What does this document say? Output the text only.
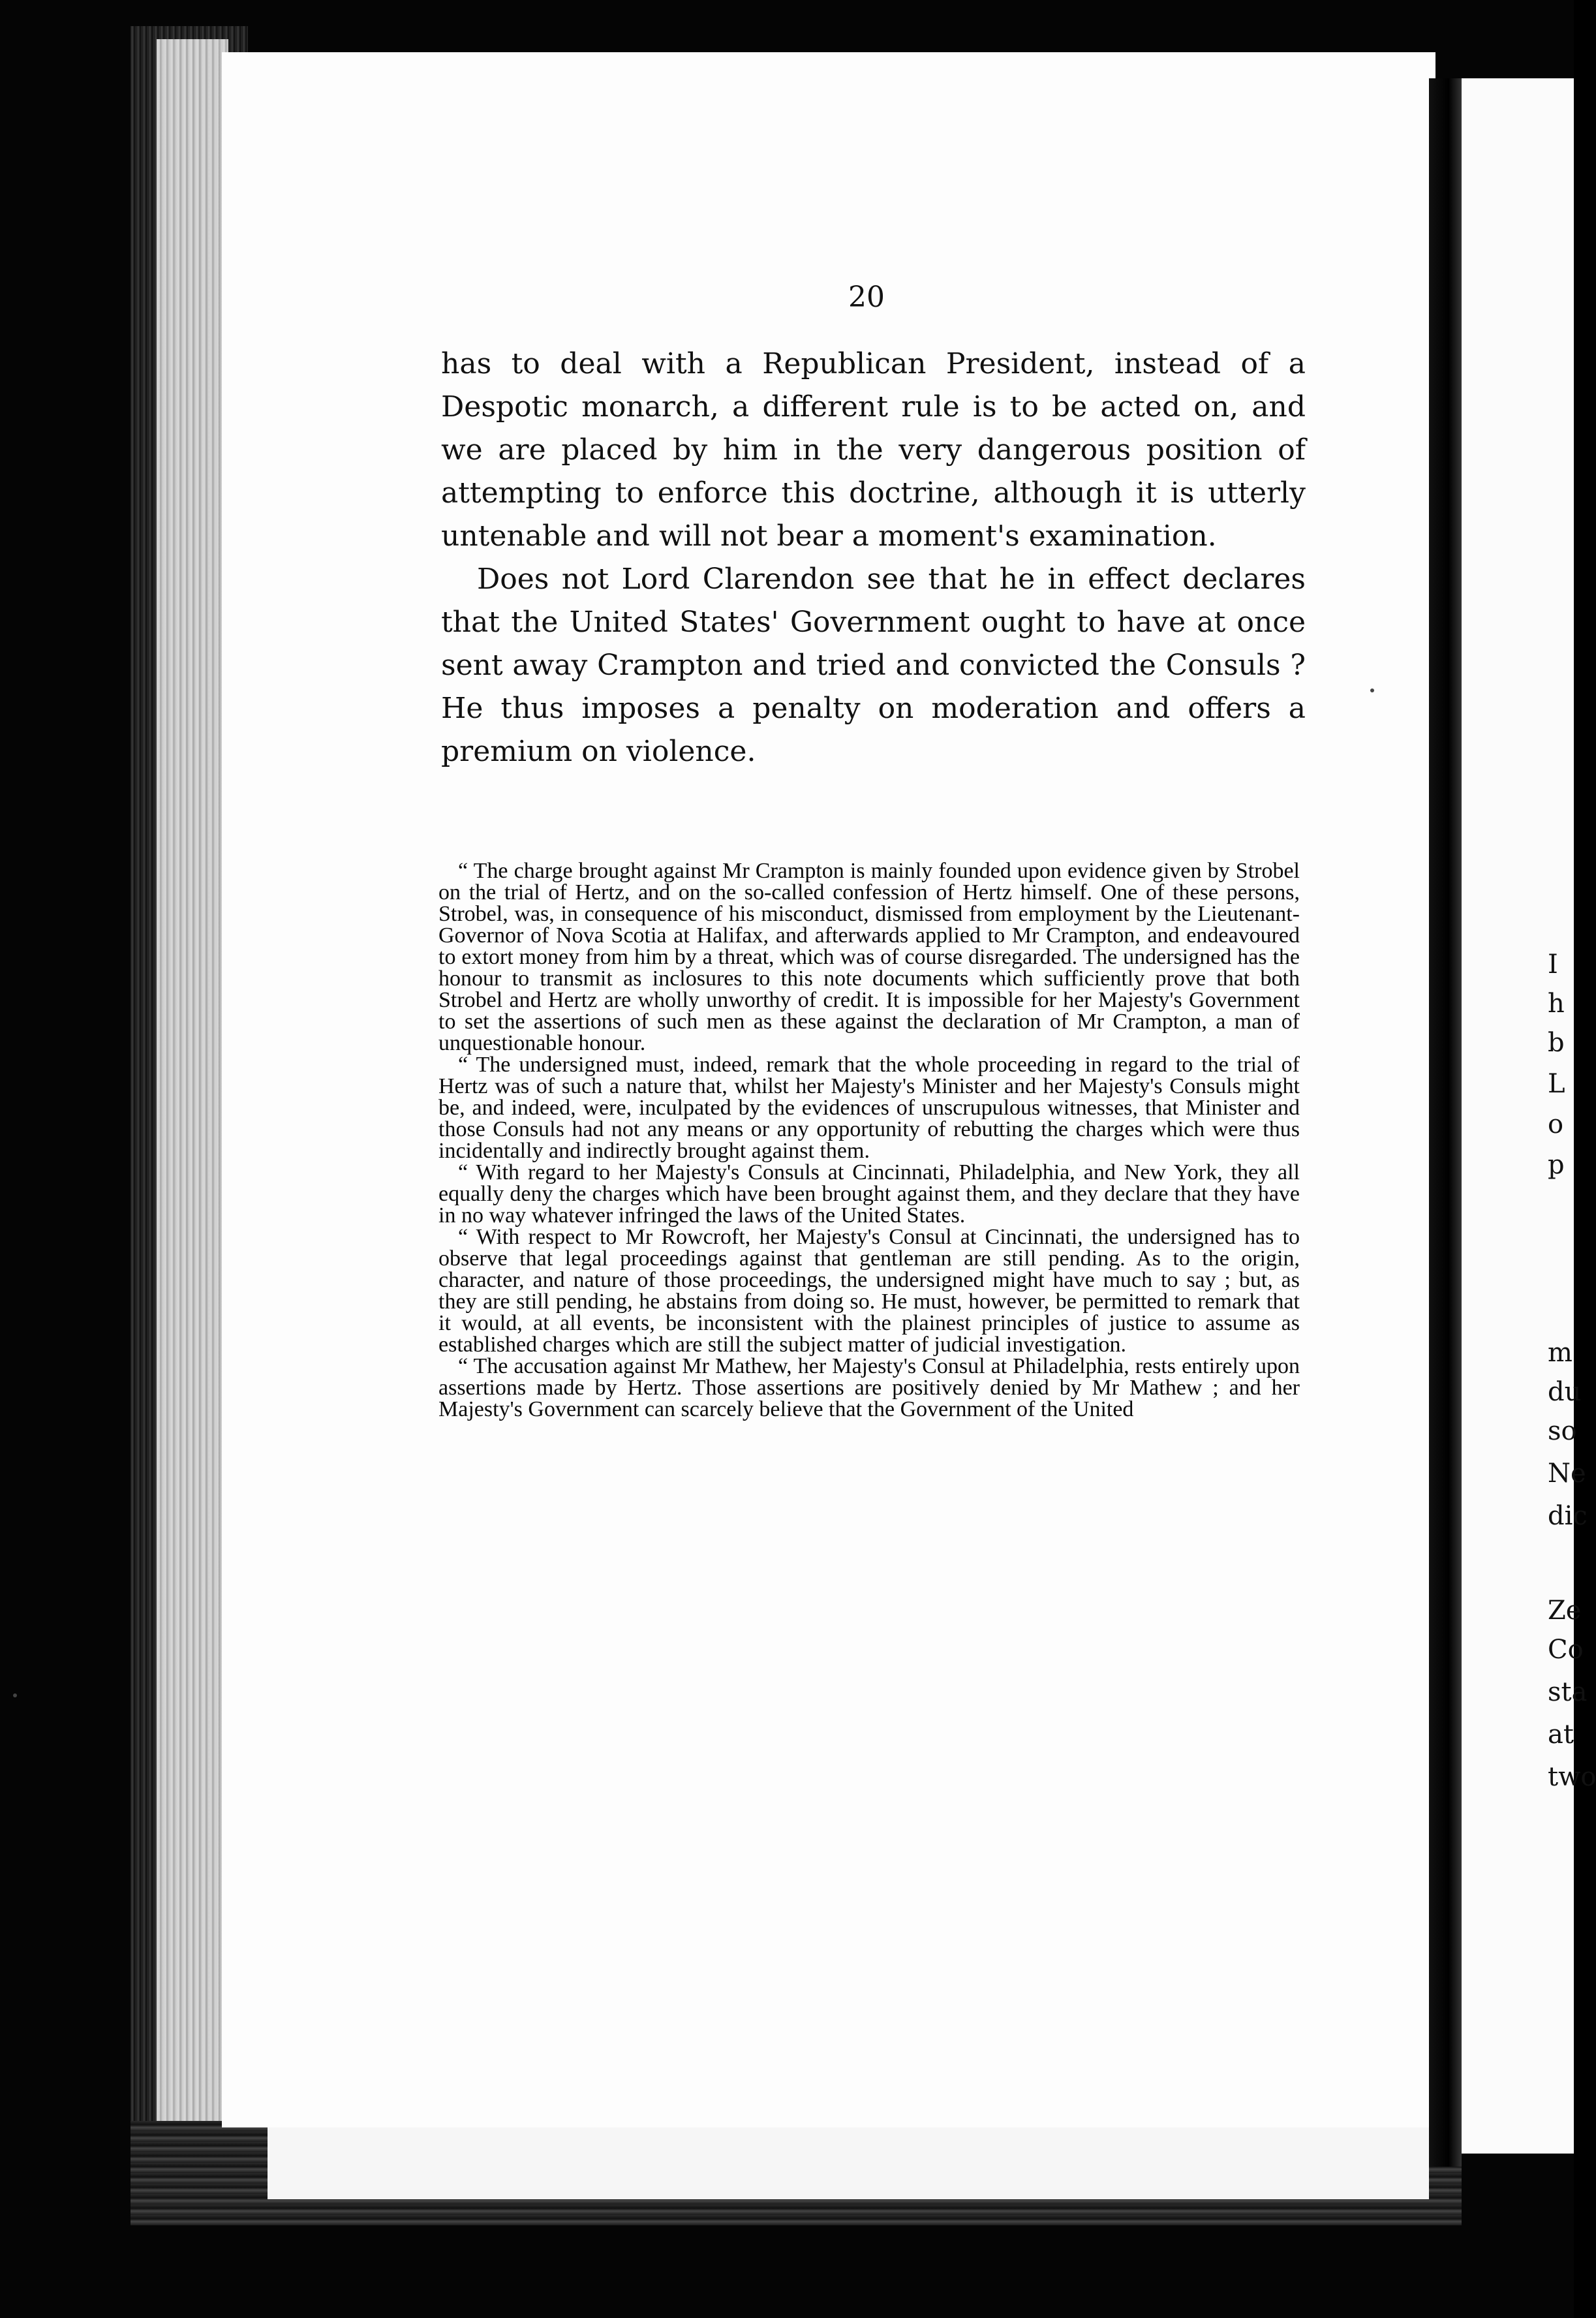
20

has to deal with a Republican President, instead of a Despotic monarch, a different rule is to be acted on, and we are placed by him in the very dangerous position of attempting to enforce this doctrine, although it is utterly untenable and will not bear a moment's examination.

Does not Lord Clarendon see that he in effect declares that the United States' Government ought to have at once sent away Crampton and tried and convicted the Consuls ? He thus imposes a penalty on moderation and offers a premium on violence.

“ The charge brought against Mr Crampton is mainly founded upon evidence given by Strobel on the trial of Hertz, and on the so-called confession of Hertz himself. One of these persons, Strobel, was, in consequence of his misconduct, dismissed from employment by the Lieutenant-Governor of Nova Scotia at Halifax, and afterwards applied to Mr Crampton, and endeavoured to extort money from him by a threat, which was of course disregarded. The undersigned has the honour to transmit as inclosures to this note documents which sufficiently prove that both Strobel and Hertz are wholly unworthy of credit. It is impossible for her Majesty's Government to set the assertions of such men as these against the declaration of Mr Crampton, a man of unquestionable honour.

“ The undersigned must, indeed, remark that the whole proceeding in regard to the trial of Hertz was of such a nature that, whilst her Majesty's Minister and her Majesty's Consuls might be, and indeed, were, inculpated by the evidences of unscrupulous witnesses, that Minister and those Consuls had not any means or any opportunity of rebutting the charges which were thus incidentally and indirectly brought against them.

“ With regard to her Majesty's Consuls at Cincinnati, Philadelphia, and New York, they all equally deny the charges which have been brought against them, and they declare that they have in no way whatever infringed the laws of the United States.

“ With respect to Mr Rowcroft, her Majesty's Consul at Cincinnati, the undersigned has to observe that legal proceedings against that gentleman are still pending. As to the origin, character, and nature of those proceedings, the undersigned might have much to say ; but, as they are still pending, he abstains from doing so. He must, however, be permitted to remark that it would, at all events, be inconsistent with the plainest principles of justice to assume as established charges which are still the subject matter of judicial investigation.

“ The accusation against Mr Mathew, her Majesty's Consul at Philadelphia, rests entirely upon assertions made by Hertz. Those assertions are positively denied by Mr Mathew ; and her Majesty's Government can scarcely believe that the Government of the United

I
h
b
L
o
p
m
du
so
Ne
dic
Ze
Co
sta
at
two
